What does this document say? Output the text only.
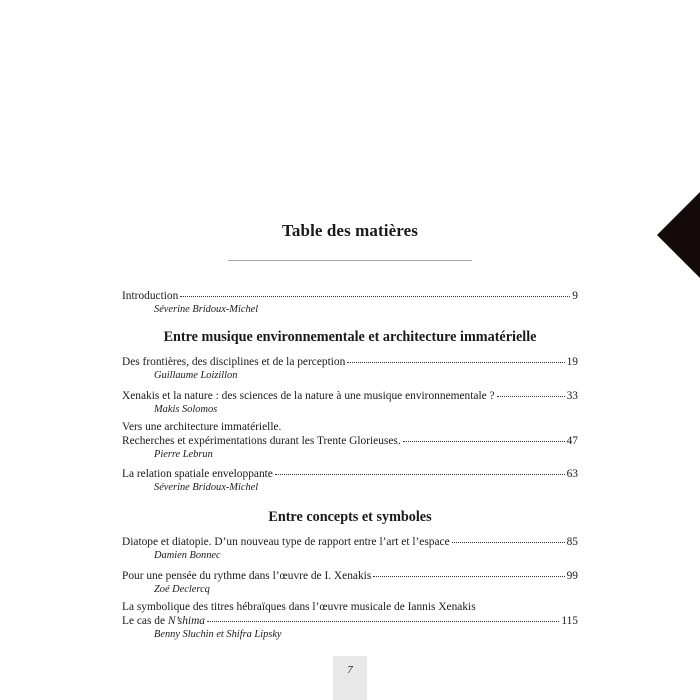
Table des matières
Introduction	9
Séverine Bridoux-Michel
Des frontières, des disciplines et de la perception	19
Guillaume Loizillon
Xenakis et la nature : des sciences de la nature à une musique environnementale ?	33
Makis Solomos
Vers une architecture immatérielle.
Recherches et expérimentations durant les Trente Glorieuses.	47
Pierre Lebrun
La relation spatiale enveloppante	63
Séverine Bridoux-Michel
Diatope et diatopie. D’un nouveau type de rapport entre l’art et l’espace	85
Damien Bonnec
Pour une pensée du rythme dans l’œuvre de I. Xenakis	99
Zoé Declercq
La symbolique des titres hébraïques dans l’œuvre musicale de Iannis Xenakis
Le cas de N’shima	115
Benny Sluchin et Shifra Lipsky
Entre musique environnementale et architecture immatérielle
Entre concepts et symboles
7
